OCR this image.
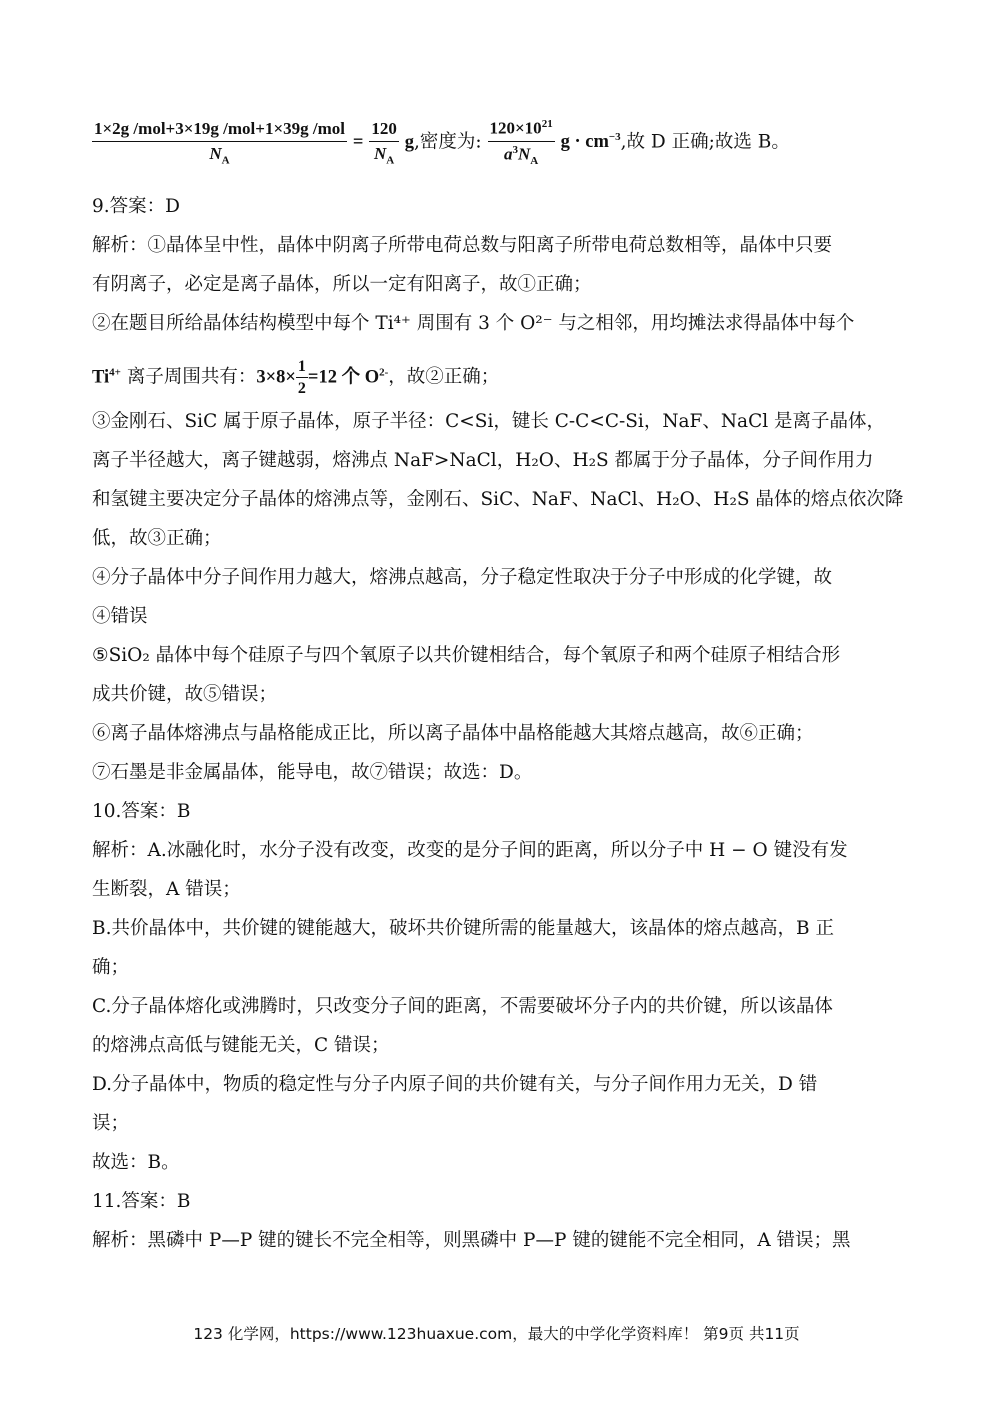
$\frac{\text{1×2g /mol+3×19g /mol+1×39g /mol}}{N_A} = \frac{120}{N_A} g$,密度为: $\frac{120\times 10^{21}}{a^3N_A}$ $g \cdot cm^{-3}$,故 D 正确;故选 B。
9.答案：D
解析：①晶体呈中性，晶体中阴离子所带电荷总数与阳离子所带电荷总数相等，晶体中只要
有阴离子，必定是离子晶体，所以一定有阳离子，故①正确；
②在题目所给晶体结构模型中每个 Ti⁴⁺ 周围有 3 个 O²⁻ 与之相邻，用均摊法求得晶体中每个
$Ti^{4+}$ 离子周围共有：$3\times 8\times \frac{1}{2} =12$ 个 $O^{2-}$，故②正确；
③金刚石、SiC 属于原子晶体，原子半径：C<Si，键长 C-C<C-Si，NaF、NaCl 是离子晶体，
离子半径越大，离子键越弱，熔沸点 NaF>NaCl，H₂O、H₂S 都属于分子晶体，分子间作用力
和氢键主要决定分子晶体的熔沸点等，金刚石、SiC、NaF、NaCl、H₂O、H₂S 晶体的熔点依次降
低，故③正确；
④分子晶体中分子间作用力越大，熔沸点越高，分子稳定性取决于分子中形成的化学键，故
④错误
⑤SiO₂ 晶体中每个硅原子与四个氧原子以共价键相结合，每个氧原子和两个硅原子相结合形
成共价键，故⑤错误；
⑥离子晶体熔沸点与晶格能成正比，所以离子晶体中晶格能越大其熔点越高，故⑥正确；
⑦石墨是非金属晶体，能导电，故⑦错误；故选：D。
10.答案：B
解析：A.冰融化时，水分子没有改变，改变的是分子间的距离，所以分子中 H − O 键没有发
生断裂，A 错误；
B.共价晶体中，共价键的键能越大，破坏共价键所需的能量越大，该晶体的熔点越高，B 正
确；
C.分子晶体熔化或沸腾时，只改变分子间的距离，不需要破坏分子内的共价键，所以该晶体
的熔沸点高低与键能无关，C 错误；
D.分子晶体中，物质的稳定性与分子内原子间的共价键有关，与分子间作用力无关，D 错
误；
故选：B。
11.答案：B
解析：黑磷中 P—P 键的键长不完全相等，则黑磷中 P—P 键的键能不完全相同，A 错误；黑
123 化学网，https://www.123huaxue.com，最大的中学化学资料库！ 第9页 共11页
